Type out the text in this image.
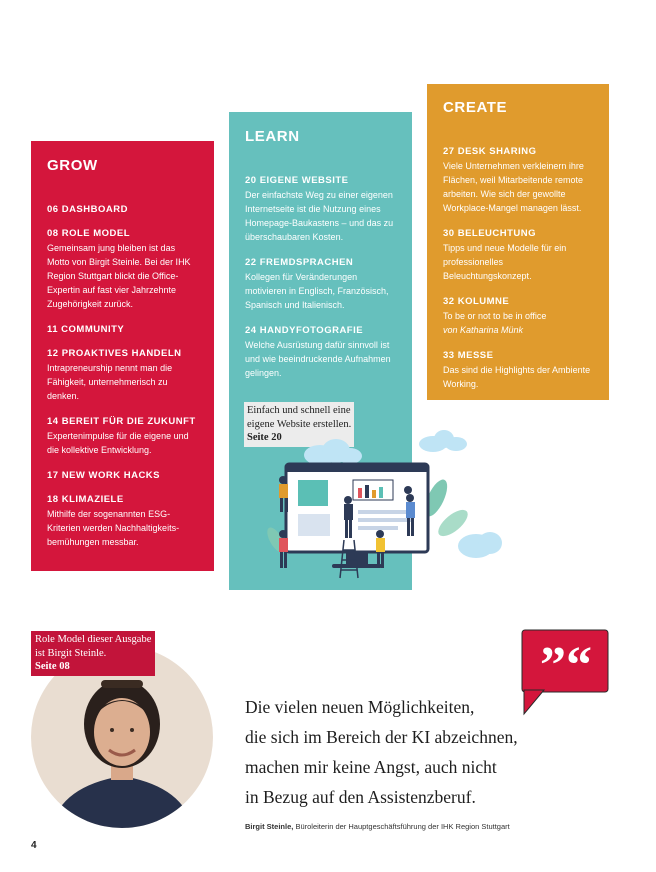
GROW

06 DASHBOARD

08 ROLE MODEL

Gemeinsam jung bleiben ist das Motto von Birgit Steinle. Bei der IHK Region Stuttgart blickt die Office-Expertin auf fast vier Jahrzehnte Zugehörigkeit zurück.

11 COMMUNITY

12 PROAKTIVES HANDELN

Intrapreneurship nennt man die Fähigkeit, unternehmerisch zu denken.

14 BEREIT FÜR DIE ZUKUNFT

Expertenimpulse für die eigene und die kollektive Entwicklung.

17 NEW WORK HACKS

18 KLIMAZIELE

Mithilfe der sogenannten ESG-Kriterien werden Nachhaltigkeits-bemühungen messbar.

LEARN

20 EIGENE WEBSITE

Der einfachste Weg zu einer eigenen Internetseite ist die Nutzung eines Homepage-Baukastens – und das zu überschaubaren Kosten.

22 FREMDSPRACHEN

Kollegen für Veränderungen motivieren in Englisch, Französisch, Spanisch und Italienisch.

24 HANDYFOTOGRAFIE

Welche Ausrüstung dafür sinnvoll ist und wie beeindruckende Aufnahmen gelingen.

Einfach und schnell eine
eigene Website erstellen.
Seite 20
CREATE

27 DESK SHARING

Viele Unternehmen verkleinern ihre Flächen, weil Mitarbeitende remote arbeiten. Wie sich der gewollte Workplace-Mangel managen lässt.

30 BELEUCHTUNG

Tipps und neue Modelle für ein professionelles Beleuchtungskonzept.

32 KOLUMNE

To be or not to be in office

von Katharina Münk

33 MESSE

Das sind die Highlights der Ambiente Working.

Role Model dieser Ausgabe
ist Birgit Steinle.
Seite 08	”“
Die vielen neuen Möglichkeiten,
die sich im Bereich der KI abzeichnen,
machen mir keine Angst, auch nicht
in Bezug auf den Assistenzberuf.
Birgit Steinle, Büroleiterin der Hauptgeschäftsführung der IHK Region Stuttgart
4
